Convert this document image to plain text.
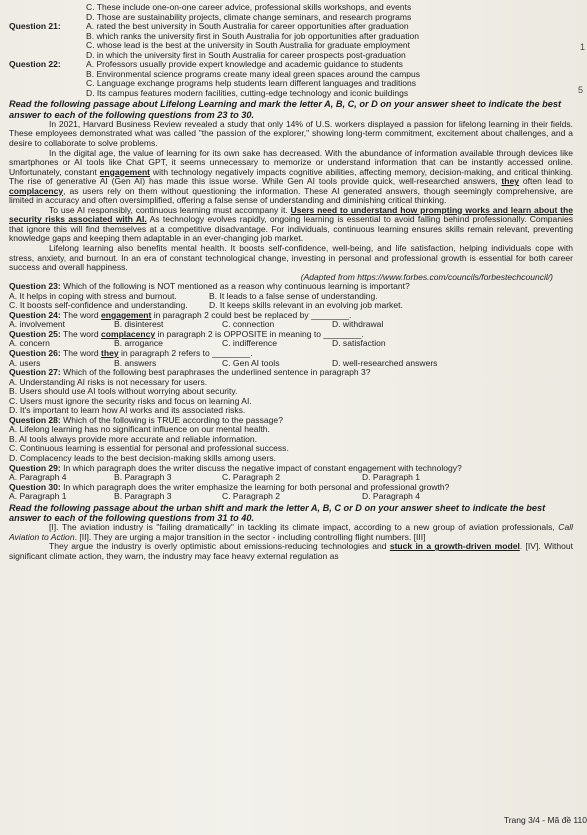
C. These include one-on-one career advice, professional skills workshops, and events
D. Those are sustainability projects, climate change seminars, and research programs
Question 21:	A. rated the best university in South Australia for career opportunities after graduation
B. which ranks the university first in South Australia for job opportunities after graduation
C. whose lead is the best at the university in South Australia for graduate employment
D. in which the university first in South Australia for career prospects post-graduation
Question 22:	A. Professors usually provide expert knowledge and academic guidance to students
B. Environmental science programs create many ideal green spaces around the campus
C. Language exchange programs help students learn different languages and traditions
D. Its campus features modern facilities, cutting-edge technology and iconic buildings
Read the following passage about Lifelong Learning and mark the letter A, B, C, or D on your answer sheet to indicate the best answer to each of the following questions from 23 to 30.
In 2021, Harvard Business Review revealed a study that only 14% of U.S. workers displayed a passion for lifelong learning in their fields. These employees demonstrated what was called "the passion of the explorer," showing long-term commitment, excitement about challenges, and a desire to collaborate to solve problems.
In the digital age, the value of learning for its own sake has decreased. With the abundance of information available through devices like smartphones or AI tools like Chat GPT, it seems unnecessary to memorize or understand information that can be instantly accessed online. Unfortunately, constant engagement with technology negatively impacts cognitive abilities, affecting memory, decision-making, and critical thinking. The rise of generative AI (Gen AI) has made this issue worse. While Gen AI tools provide quick, well-researched answers, they often lead to complacency, as users rely on them without questioning the information. These AI generated answers, though seemingly comprehensive, are limited in accuracy and often oversimplified, offering a false sense of understanding and diminishing critical thinking.
To use AI responsibly, continuous learning must accompany it. Users need to understand how prompting works and learn about the security risks associated with AI. As technology evolves rapidly, ongoing learning is essential to avoid falling behind professionally. Companies that ignore this will find themselves at a competitive disadvantage. For individuals, continuous learning ensures skills remain relevant, preventing knowledge gaps and keeping them adaptable in an ever-changing job market.
Lifelong learning also benefits mental health. It boosts self-confidence, well-being, and life satisfaction, helping individuals cope with stress, anxiety, and burnout. In an era of constant technological change, investing in personal and professional growth is essential for both career success and overall happiness.
(Adapted from https://www.forbes.com/councils/forbestechcouncil/)
Question 23: Which of the following is NOT mentioned as a reason why continuous learning is important?
A. It helps in coping with stress and burnout.	B. It leads to a false sense of understanding.
C. It boosts self-confidence and understanding.	D. It keeps skills relevant in an evolving job market.
Question 24: The word engagement in paragraph 2 could best be replaced by ________.
A. involvement	B. disinterest	C. connection	D. withdrawal
Question 25: The word complacency in paragraph 2 is OPPOSITE in meaning to ________.
A. concern	B. arrogance	C. indifference	D. satisfaction
Question 26: The word they in paragraph 2 refers to ________.
A. users	B. answers	C. Gen AI tools	D. well-researched answers
Question 27: Which of the following best paraphrases the underlined sentence in paragraph 3?
A. Understanding AI risks is not necessary for users.
B. Users should use AI tools without worrying about security.
C. Users must ignore the security risks and focus on learning AI.
D. It's important to learn how AI works and its associated risks.
Question 28: Which of the following is TRUE according to the passage?
A. Lifelong learning has no significant influence on our mental health.
B. AI tools always provide more accurate and reliable information.
C. Continuous learning is essential for personal and professional success.
D. Complacency leads to the best decision-making skills among users.
Question 29: In which paragraph does the writer discuss the negative impact of constant engagement with technology?
A. Paragraph 4	B. Paragraph 3	C. Paragraph 2	D. Paragraph 1
Question 30: In which paragraph does the writer emphasize the learning for both personal and professional growth?
A. Paragraph 1	B. Paragraph 3	C. Paragraph 2	D. Paragraph 4
Read the following passage about the urban shift and mark the letter A, B, C or D on your answer sheet to indicate the best answer to each of the following questions from 31 to 40.
[I]. The aviation industry is "failing dramatically" in tackling its climate impact, according to a new group of aviation professionals, Call Aviation to Action. [II]. They are urging a major transition in the sector - including controlling flight numbers. [III]
They argue the industry is overly optimistic about emissions-reducing technologies and stuck in a growth-driven model. [IV]. Without significant climate action, they warn, the industry may face heavy external regulation as
1
5
Trang 3/4 - Mã đề 110
